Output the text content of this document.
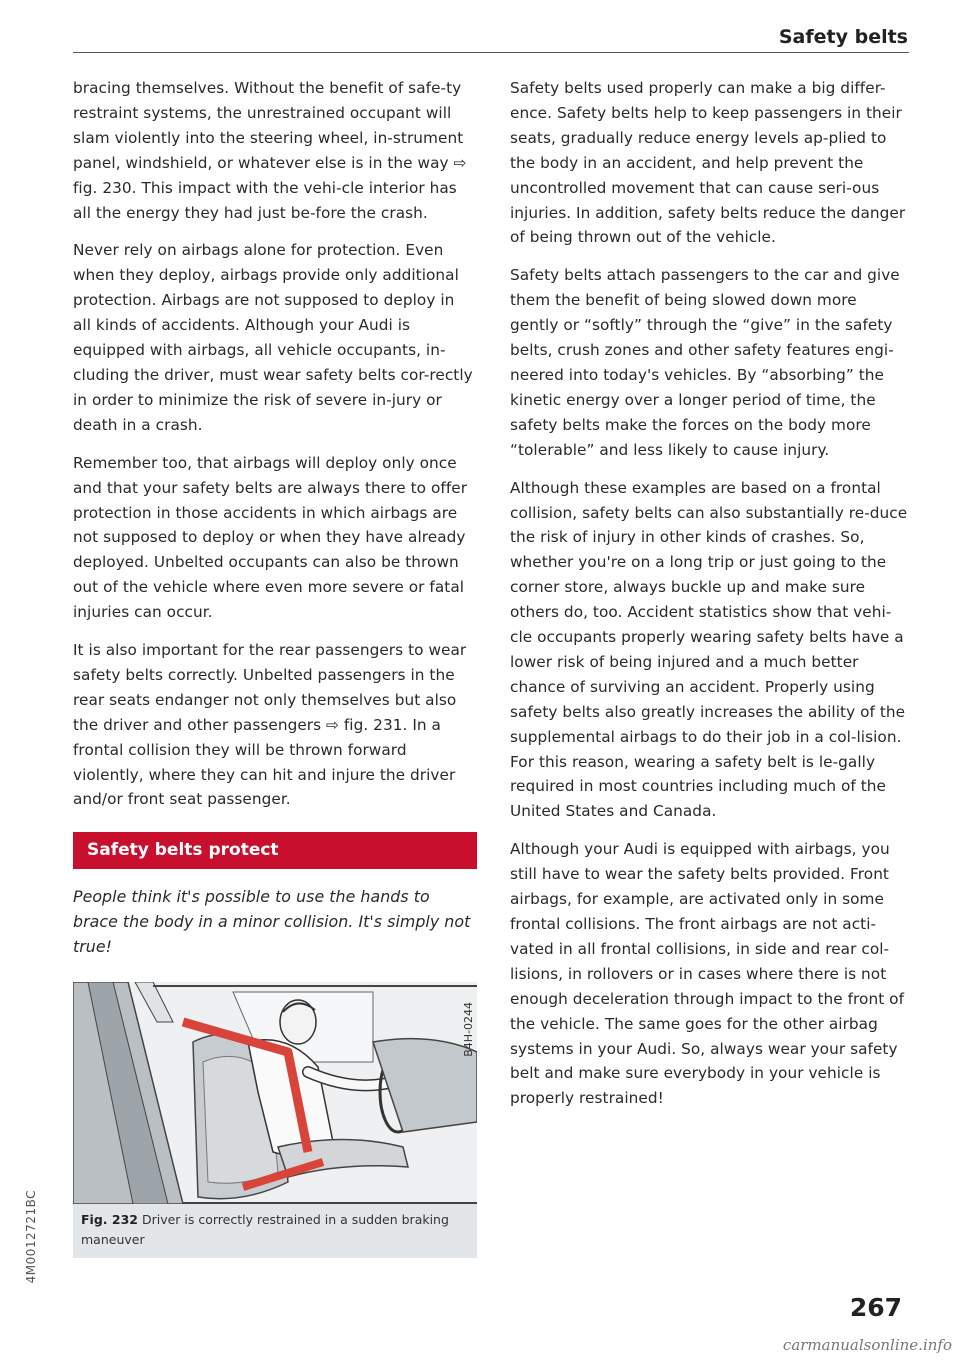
Safety belts

bracing themselves. Without the benefit of safe-ty restraint systems, the unrestrained occupant will slam violently into the steering wheel, in-strument panel, windshield, or whatever else is in the way ⇨ fig. 230. This impact with the vehi-cle interior has all the energy they had just be-fore the crash.

Never rely on airbags alone for protection. Even when they deploy, airbags provide only additional protection. Airbags are not supposed to deploy in all kinds of accidents. Although your Audi is equipped with airbags, all vehicle occupants, in-cluding the driver, must wear safety belts cor-rectly in order to minimize the risk of severe in-jury or death in a crash.

Remember too, that airbags will deploy only once and that your safety belts are always there to offer protection in those accidents in which airbags are not supposed to deploy or when they have already deployed. Unbelted occupants can also be thrown out of the vehicle where even more severe or fatal injuries can occur.

It is also important for the rear passengers to wear safety belts correctly. Unbelted passengers in the rear seats endanger not only themselves but also the driver and other passengers ⇨ fig. 231. In a frontal collision they will be thrown forward violently, where they can hit and injure the driver and/or front seat passenger.

Safety belts protect

People think it's possible to use the hands to brace the body in a minor collision. It's simply not true!

B4H-0244
Fig. 232 Driver is correctly restrained in a sudden braking maneuver

Safety belts used properly can make a big differ-ence. Safety belts help to keep passengers in their seats, gradually reduce energy levels ap-plied to the body in an accident, and help prevent the uncontrolled movement that can cause seri-ous injuries. In addition, safety belts reduce the danger of being thrown out of the vehicle.

Safety belts attach passengers to the car and give them the benefit of being slowed down more gently or “softly” through the “give” in the safety belts, crush zones and other safety features engi-neered into today's vehicles. By “absorbing” the kinetic energy over a longer period of time, the safety belts make the forces on the body more “tolerable” and less likely to cause injury.

Although these examples are based on a frontal collision, safety belts can also substantially re-duce the risk of injury in other kinds of crashes. So, whether you're on a long trip or just going to the corner store, always buckle up and make sure others do, too. Accident statistics show that vehi-cle occupants properly wearing safety belts have a lower risk of being injured and a much better chance of surviving an accident. Properly using safety belts also greatly increases the ability of the supplemental airbags to do their job in a col-lision. For this reason, wearing a safety belt is le-gally required in most countries including much of the United States and Canada.

Although your Audi is equipped with airbags, you still have to wear the safety belts provided. Front airbags, for example, are activated only in some frontal collisions. The front airbags are not acti-vated in all frontal collisions, in side and rear col-lisions, in rollovers or in cases where there is not enough deceleration through impact to the front of the vehicle. The same goes for the other airbag systems in your Audi. So, always wear your safety belt and make sure everybody in your vehicle is properly restrained!

4M0012721BC
267
carmanualsonline.info
